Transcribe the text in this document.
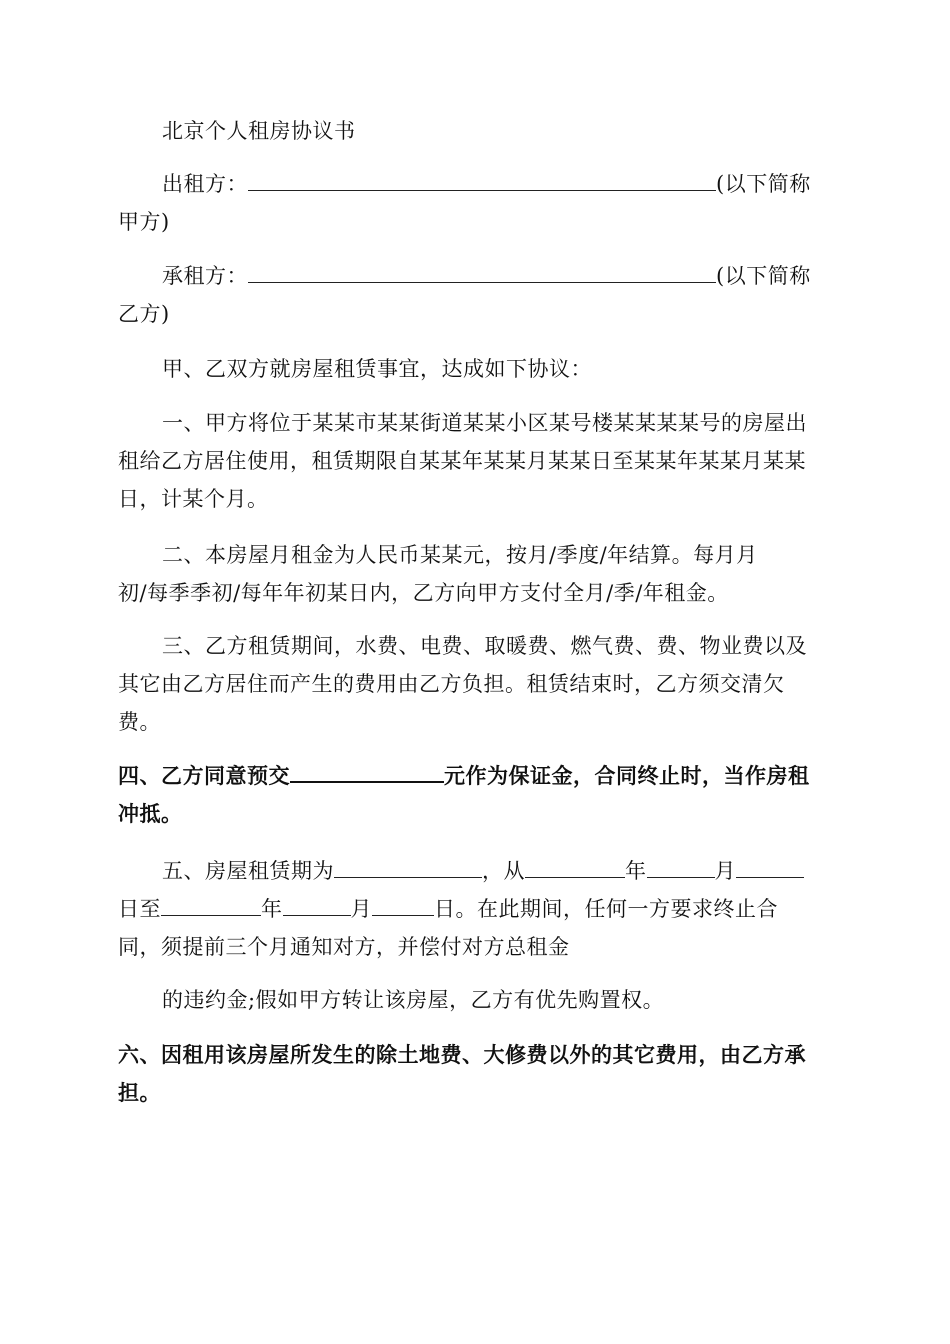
北京个人租房协议书
出租方：	(以下简称
甲方)
承租方：	(以下简称
乙方)
甲、乙双方就房屋租赁事宜，达成如下协议：
一、甲方将位于某某市某某街道某某小区某号楼某某某某号的房屋出
租给乙方居住使用，租赁期限自某某年某某月某某日至某某年某某月某某
日，计某个月。
二、本房屋月租金为人民币某某元，按月/季度/年结算。每月月
初/每季季初/每年年初某日内，乙方向甲方支付全月/季/年租金。
三、乙方租赁期间，水费、电费、取暖费、燃气费、费、物业费以及
其它由乙方居住而产生的费用由乙方负担。租赁结束时，乙方须交清欠
费。
四、乙方同意预交	元作为保证金，合同终止时，当作房租
冲抵。
五、房屋租赁期为	，从	年	月
日至	年	月	日。在此期间，任何一方要求终止合
同，须提前三个月通知对方，并偿付对方总租金
的违约金;假如甲方转让该房屋，乙方有优先购置权。
六、因租用该房屋所发生的除土地费、大修费以外的其它费用，由乙方承
担。
